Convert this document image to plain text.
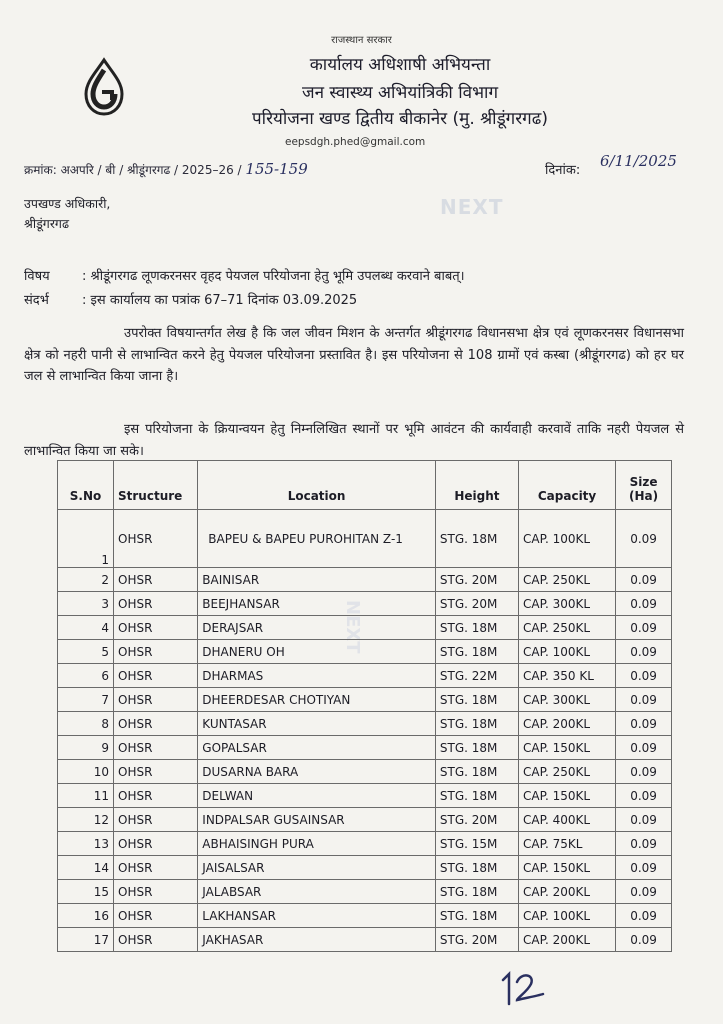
राजस्थान सरकार
कार्यालय अधिशाषी अभियन्ता
जन स्वास्थ्य अभियांत्रिकी विभाग
परियोजना खण्ड द्वितीय बीकानेर (मु. श्रीडूंगरगढ)
eepsdgh.phed@gmail.com
क्रमांक: अअपरि / बी / श्रीडूंगरगढ / 2025–26 / 155-159	दिनांक:
6/11/2025
उपखण्ड अधिकारी,
श्रीडूंगरगढ
NEXT
NEXT
विषय : श्रीडूंगरगढ लूणकरनसर वृहद पेयजल परियोजना हेतु भूमि उपलब्ध करवाने बाबत्।
संदर्भ	: इस कार्यालय का पत्रांक 67–71 दिनांक 03.09.2025
उपरोक्त विषयान्तर्गत लेख है कि जल जीवन मिशन के अन्तर्गत श्रीडूंगरगढ विधानसभा क्षेत्र एवं लूणकरनसर विधानसभा क्षेत्र को नहरी पानी से लाभान्वित करने हेतु पेयजल परियोजना प्रस्तावित है। इस परियोजना से 108 ग्रामों एवं कस्बा (श्रीडूंगरगढ) को हर घर जल से लाभान्वित किया जाना है।
इस परियोजना के क्रियान्वयन हेतु निम्नलिखित स्थानों पर भूमि आवंटन की कार्यवाही करवावें ताकि नहरी पेयजल से लाभान्वित किया जा सके।
S.No	Structure	Location	Height	Capacity	Size
(Ha)

1	OHSR	BAPEU & BAPEU PUROHITAN Z-1	STG. 18M	CAP. 100KL	0.09
2	OHSR	BAINISAR	STG. 20M	CAP. 250KL	0.09
3	OHSR	BEEJHANSAR	STG. 20M	CAP. 300KL	0.09
4	OHSR	DERAJSAR	STG. 18M	CAP. 250KL	0.09
5	OHSR	DHANERU OH	STG. 18M	CAP. 100KL	0.09
6	OHSR	DHARMAS	STG. 22M	CAP. 350 KL	0.09
7	OHSR	DHEERDESAR CHOTIYAN	STG. 18M	CAP. 300KL	0.09
8	OHSR	KUNTASAR	STG. 18M	CAP. 200KL	0.09
9	OHSR	GOPALSAR	STG. 18M	CAP. 150KL	0.09
10	OHSR	DUSARNA BARA	STG. 18M	CAP. 250KL	0.09
11	OHSR	DELWAN	STG. 18M	CAP. 150KL	0.09
12	OHSR	INDPALSAR GUSAINSAR	STG. 20M	CAP. 400KL	0.09
13	OHSR	ABHAISINGH PURA	STG. 15M	CAP. 75KL	0.09
14	OHSR	JAISALSAR	STG. 18M	CAP. 150KL	0.09
15	OHSR	JALABSAR	STG. 18M	CAP. 200KL	0.09
16	OHSR	LAKHANSAR	STG. 18M	CAP. 100KL	0.09
17	OHSR	JAKHASAR	STG. 20M	CAP. 200KL	0.09
